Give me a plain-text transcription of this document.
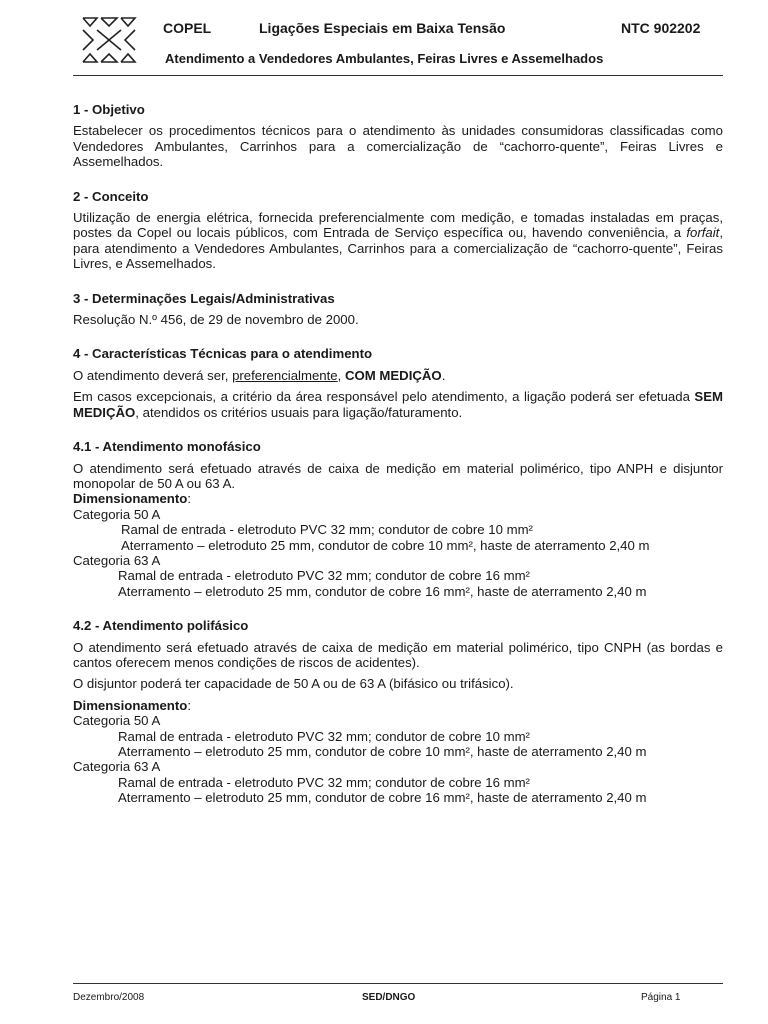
COPEL	Ligações Especiais em Baixa Tensão	NTC 902202
Atendimento a Vendedores Ambulantes, Feiras Livres e Assemelhados

1 - Objetivo

Estabelecer os procedimentos técnicos para o atendimento às unidades consumidoras classificadas como Vendedores Ambulantes, Carrinhos para a comercialização de “cachorro-quente”, Feiras Livres e Assemelhados.

2 - Conceito

Utilização de energia elétrica, fornecida preferencialmente com medição, e tomadas instaladas em praças, postes da Copel ou locais públicos, com Entrada de Serviço específica ou, havendo conveniência, a forfait, para atendimento a Vendedores Ambulantes, Carrinhos para a comercialização de “cachorro-quente”, Feiras Livres, e Assemelhados.

3 - Determinações Legais/Administrativas

Resolução N.º 456, de 29 de novembro de 2000.

4 - Características Técnicas para o atendimento

O atendimento deverá ser, preferencialmente, COM MEDIÇÃO.

Em casos excepcionais, a critério da área responsável pelo atendimento, a ligação poderá ser efetuada SEM MEDIÇÃO, atendidos os critérios usuais para ligação/faturamento.

4.1 - Atendimento monofásico

O atendimento será efetuado através de caixa de medição em material polimérico, tipo ANPH e disjuntor monopolar de 50 A ou 63 A.

Dimensionamento:

Categoria 50 A

Ramal de entrada - eletroduto PVC 32 mm; condutor de cobre 10 mm²

Aterramento – eletroduto 25 mm, condutor de cobre 10 mm², haste de aterramento 2,40 m

Categoria 63 A

Ramal de entrada - eletroduto PVC 32 mm; condutor de cobre 16 mm²

Aterramento – eletroduto 25 mm, condutor de cobre 16 mm², haste de aterramento 2,40 m

4.2 - Atendimento polifásico

O atendimento será efetuado através de caixa de medição em material polimérico, tipo CNPH (as bordas e cantos oferecem menos condições de riscos de acidentes).

O disjuntor poderá ter capacidade de 50 A ou de 63 A (bifásico ou trifásico).

Dimensionamento:

Categoria 50 A

Ramal de entrada - eletroduto PVC 32 mm; condutor de cobre 10 mm²

Aterramento – eletroduto 25 mm, condutor de cobre 10 mm², haste de aterramento 2,40 m

Categoria 63 A

Ramal de entrada - eletroduto PVC 32 mm; condutor de cobre 16 mm²

Aterramento – eletroduto 25 mm, condutor de cobre 16 mm², haste de aterramento 2,40 m

Dezembro/2008	SED/DNGO	Página 1
